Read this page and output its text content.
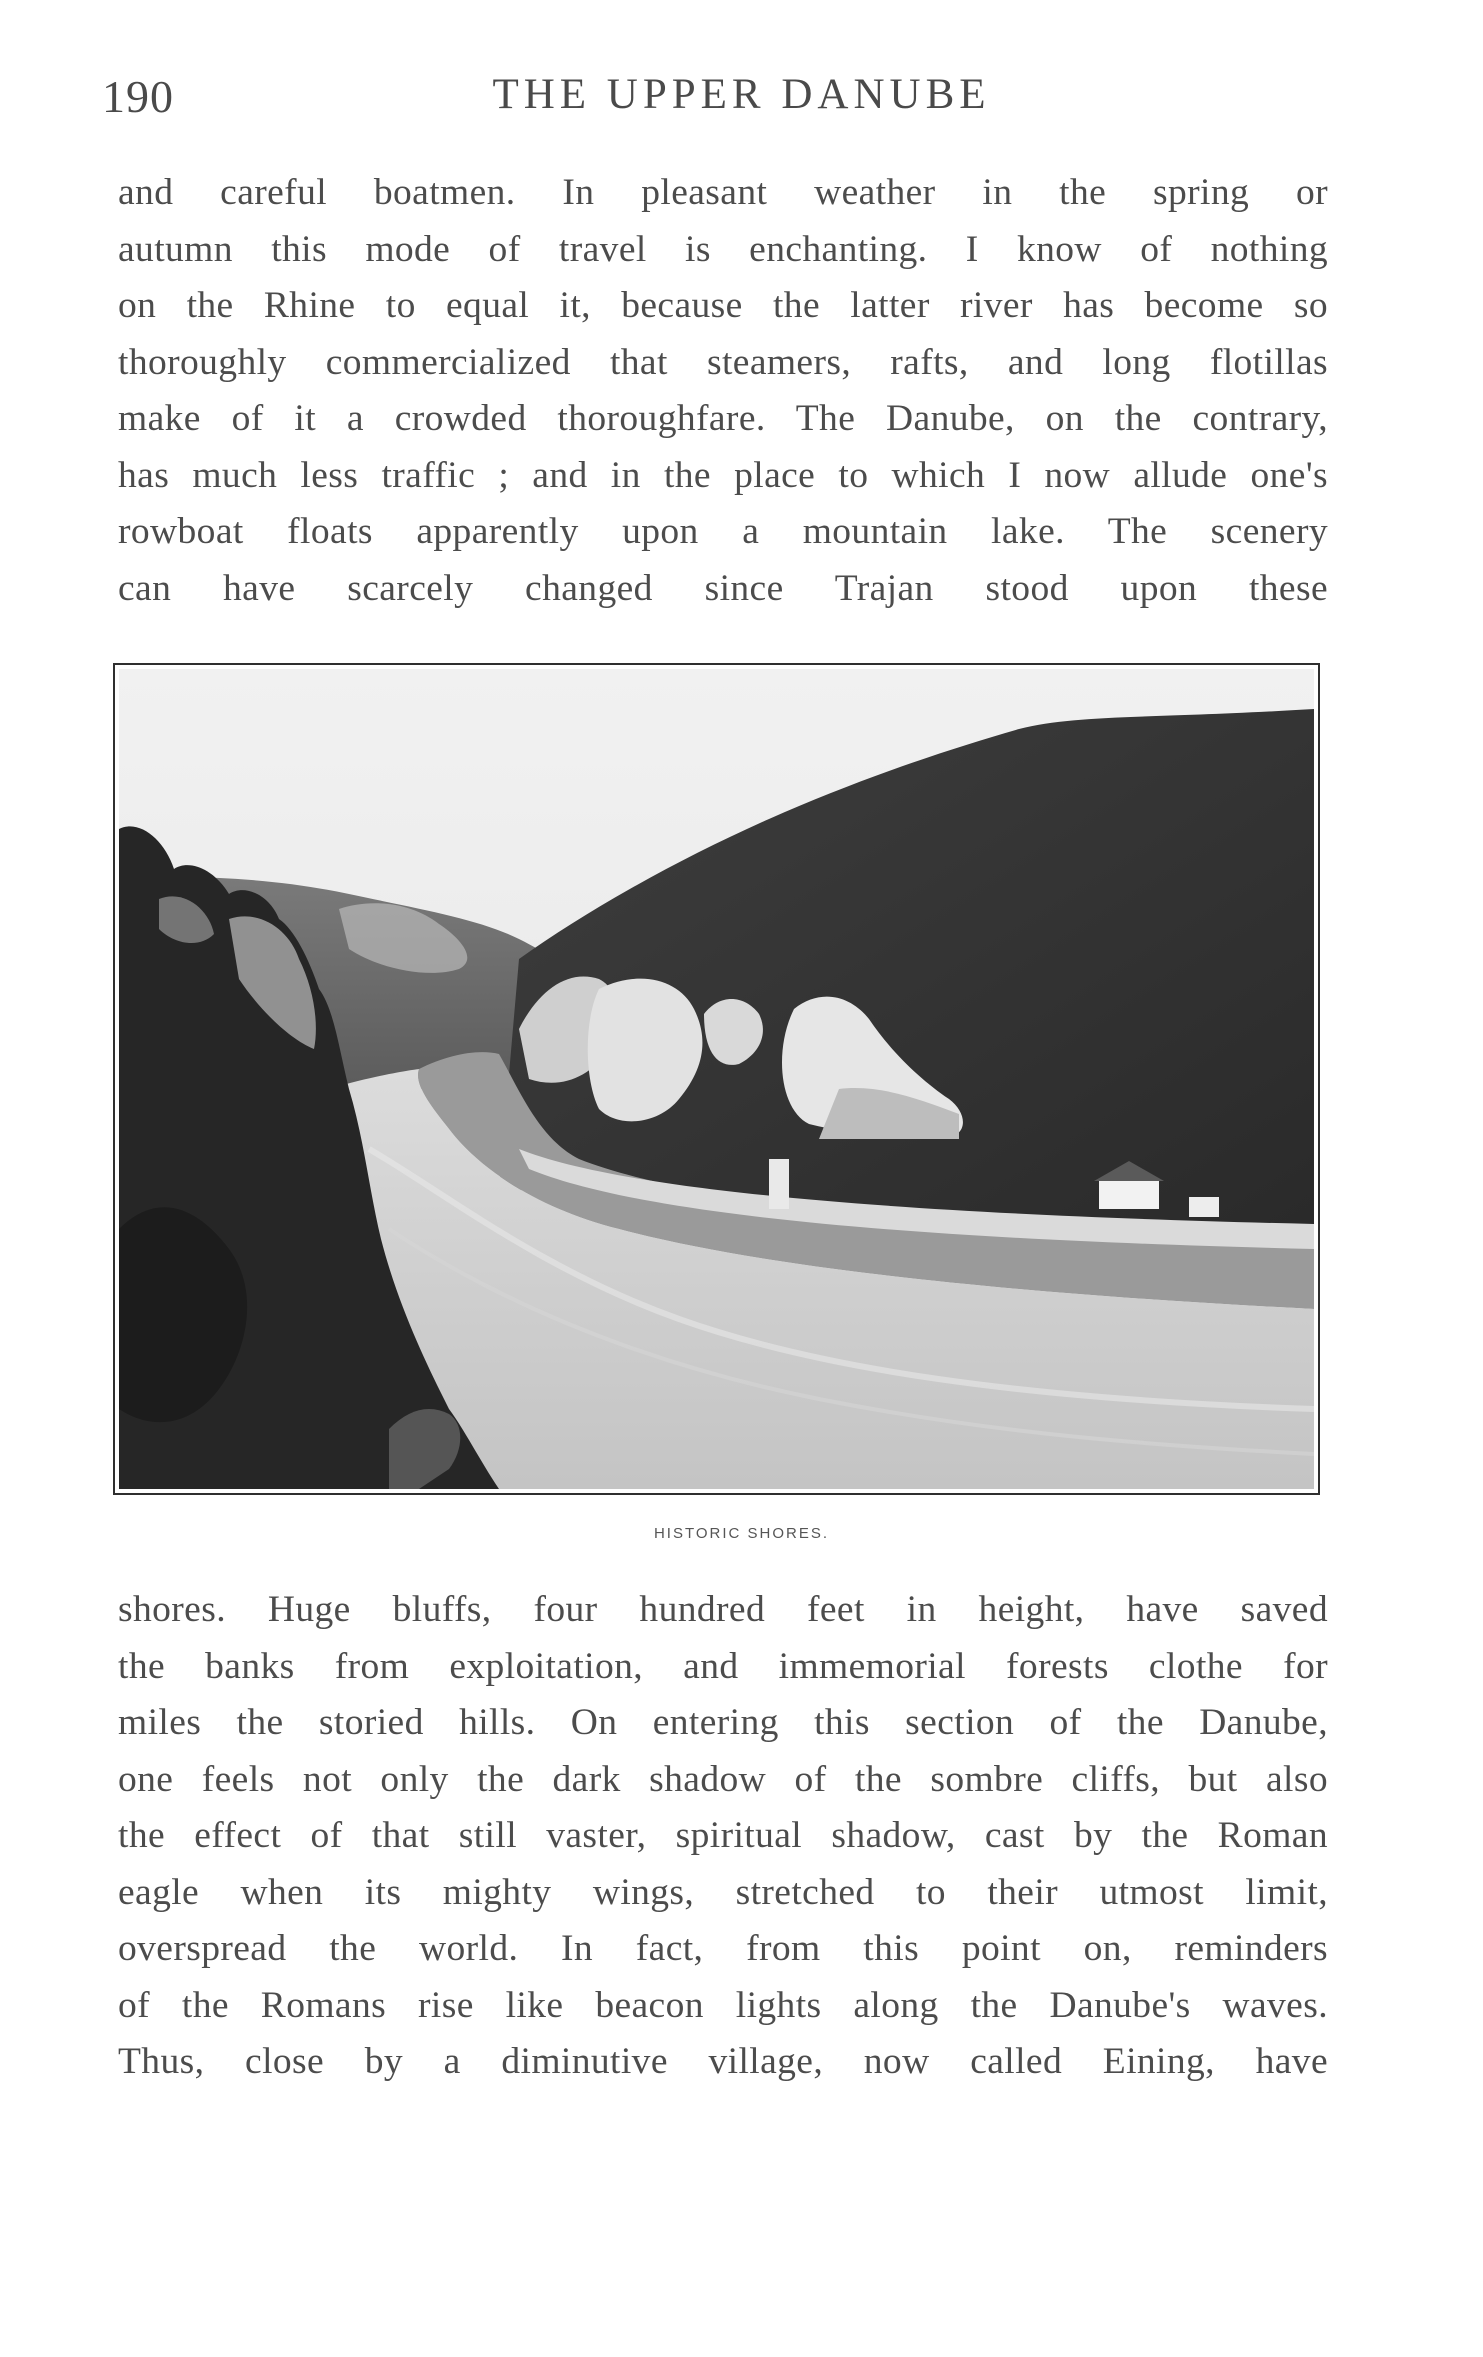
190	THE UPPER DANUBE
and careful boatmen. In pleasant weather in the spring or
autumn this mode of travel is enchanting. I know of nothing
on the Rhine to equal it, because the latter river has become so
thoroughly commercialized that steamers, rafts, and long flotillas
make of it a crowded thoroughfare. The Danube, on the contrary,
has much less traffic ; and in the place to which I now allude one's
rowboat floats apparently upon a mountain lake. The scenery
can have scarcely changed since Trajan stood upon these
HISTORIC SHORES.
shores. Huge bluffs, four hundred feet in height, have saved
the banks from exploitation, and immemorial forests clothe for
miles the storied hills. On entering this section of the Danube,
one feels not only the dark shadow of the sombre cliffs, but also
the effect of that still vaster, spiritual shadow, cast by the Roman
eagle when its mighty wings, stretched to their utmost limit,
overspread the world. In fact, from this point on, reminders
of the Romans rise like beacon lights along the Danube's waves.
Thus, close by a diminutive village, now called Eining, have
